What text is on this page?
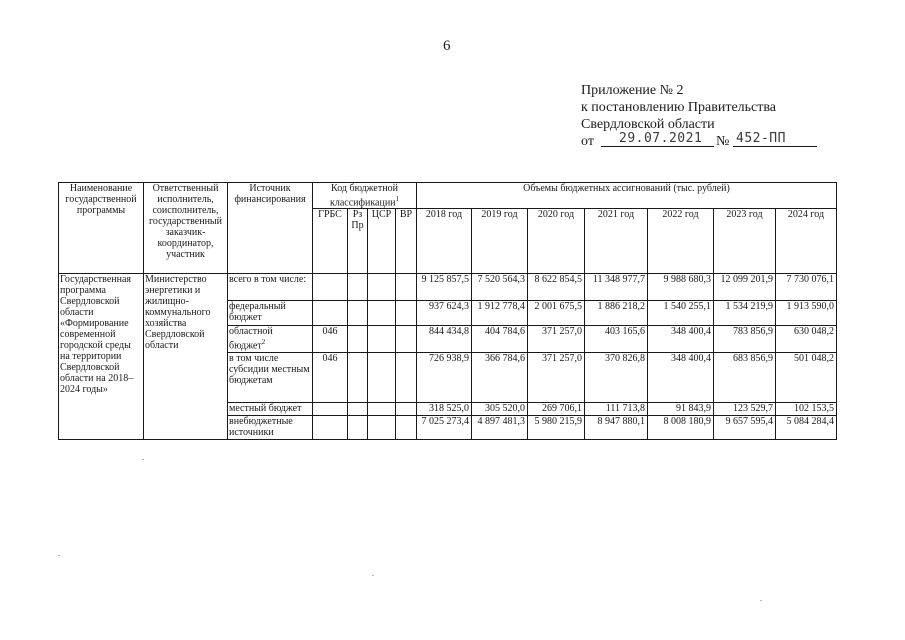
6
Приложение № 2
к постановлению Правительства
Свердловской области
от	29.07.2021 № 452-ПП
Наименование государственной программы	Ответственный исполнитель, соисполнитель, государственный заказчик-координатор, участник	Источник финансирования	Код бюджетной классификации$^1$				Объемы бюджетных ассигнований (тыс. рублей)						
			ГРБС	Рз Пр	ЦСР	ВР	2018 год	2019 год	2020 год	2021 год	2022 год	2023 год	2024 год
Государственная программа Свердловской области «Формирование современной городской среды на территории Свердловской области на 2018–2024 годы»	Министерство энергетики и жилищно-коммунального хозяйства Свердловской области	всего в том числе:					9 125 857,5	7 520 564,3	8 622 854,5	11 348 977,7	9 988 680,3	12 099 201,9	7 730 076,1
		федеральный бюджет					937 624,3	1 912 778,4	2 001 675,5	1 886 218,2	1 540 255,1	1 534 219,9	1 913 590,0
		областной бюджет$^2$	046				844 434,8	404 784,6	371 257,0	403 165,6	348 400,4	783 856,9	630 048,2
		в том числе субсидии местным бюджетам	046				726 938,9	366 784,6	371 257,0	370 826,8	348 400,4	683 856,9	501 048,2
		местный бюджет					318 525,0	305 520,0	269 706,1	111 713,8	91 843,9	123 529,7	102 153,5
		внебюджетные источники					7 025 273,4	4 897 481,3	5 980 215,9	8 947 880,1	8 008 180,9	9 657 595,4	5 084 284,4
